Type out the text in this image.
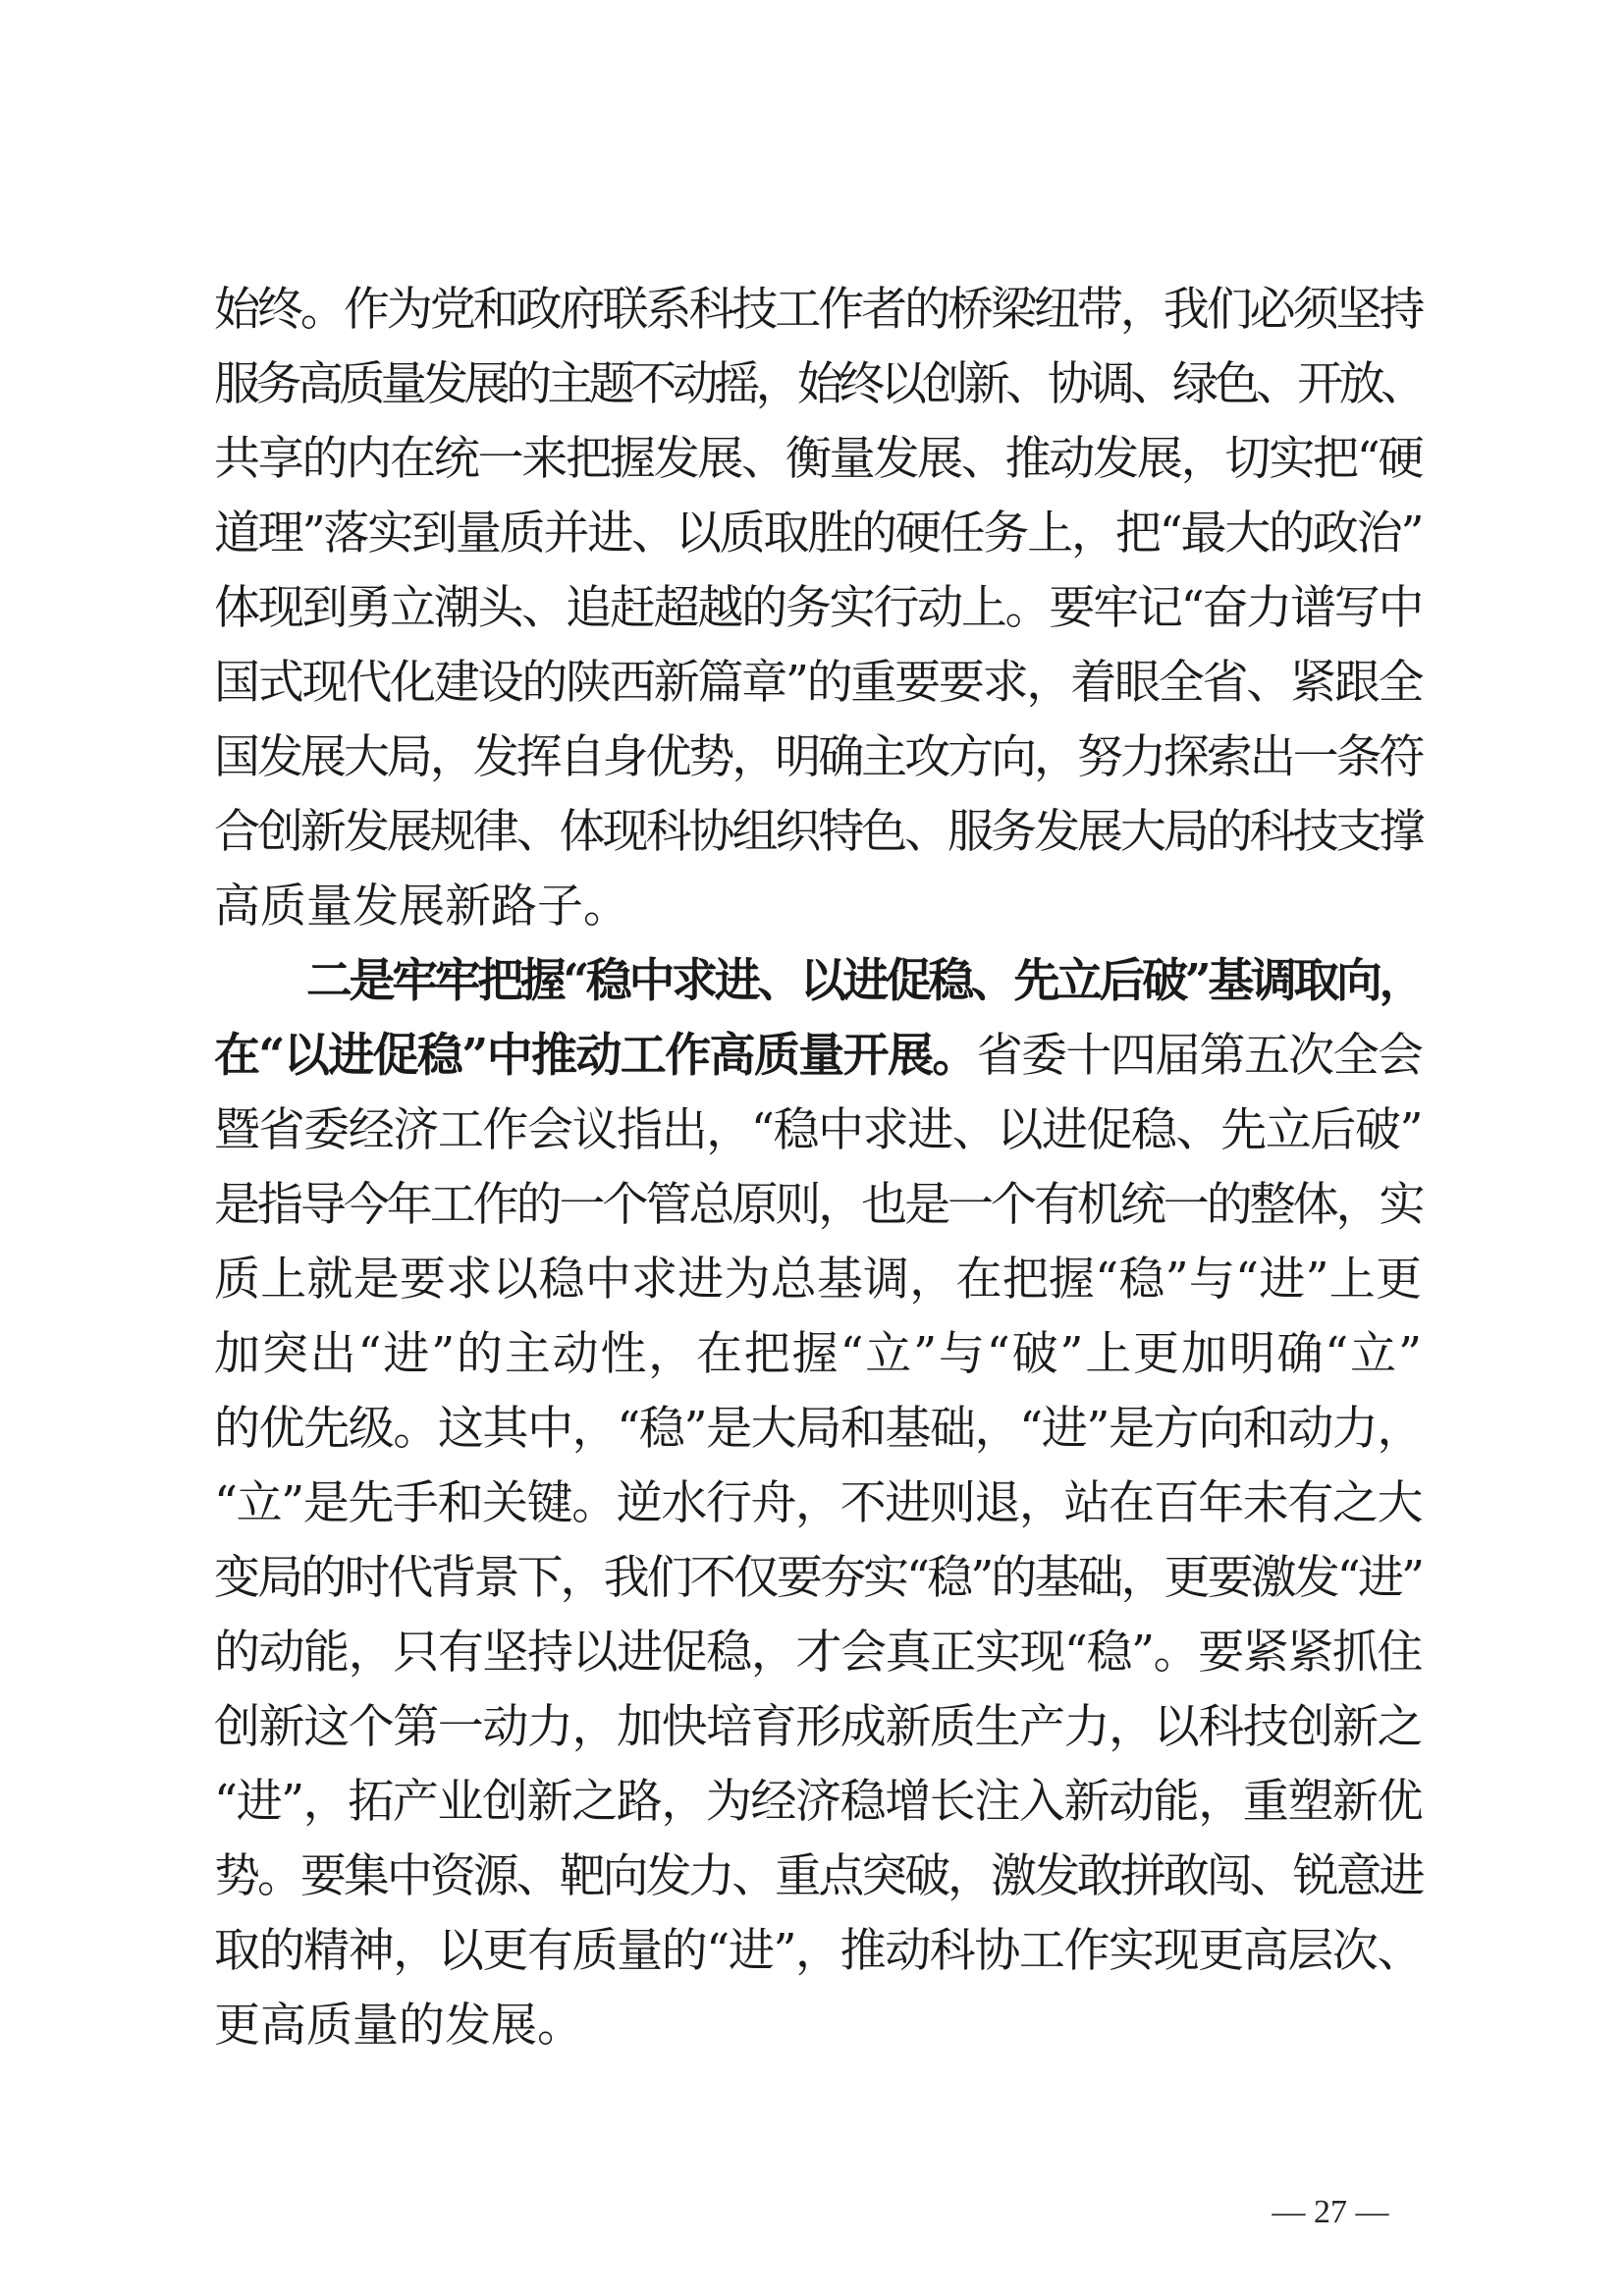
始终。作为党和政府联系科技工作者的桥梁纽带，我们必须坚持
服务高质量发展的主题不动摇，始终以创新、协调、绿色、开放、
共享的内在统一来把握发展、衡量发展、推动发展，切实把“硬
道理”落实到量质并进、以质取胜的硬任务上，把“最大的政治”
体现到勇立潮头、追赶超越的务实行动上。要牢记“奋力谱写中
国式现代化建设的陕西新篇章”的重要要求，着眼全省、紧跟全
国发展大局，发挥自身优势，明确主攻方向，努力探索出一条符
合创新发展规律、体现科协组织特色、服务发展大局的科技支撑
高质量发展新路子。
二是牢牢把握“稳中求进、以进促稳、先立后破”基调取向，
在“以进促稳”中推动工作高质量开展。省委十四届第五次全会
暨省委经济工作会议指出，“稳中求进、以进促稳、先立后破”
是指导今年工作的一个管总原则，也是一个有机统一的整体，实
质上就是要求以稳中求进为总基调，在把握“稳”与“进”上更
加突出“进”的主动性，在把握“立”与“破”上更加明确“立”
的优先级。这其中，“稳”是大局和基础，“进”是方向和动力，
“立”是先手和关键。逆水行舟，不进则退，站在百年未有之大
变局的时代背景下，我们不仅要夯实“稳”的基础，更要激发“进”
的动能，只有坚持以进促稳，才会真正实现“稳”。要紧紧抓住
创新这个第一动力，加快培育形成新质生产力，以科技创新之
“进”，拓产业创新之路，为经济稳增长注入新动能，重塑新优
势。要集中资源、靶向发力、重点突破，激发敢拼敢闯、锐意进
取的精神，以更有质量的“进”，推动科协工作实现更高层次、
更高质量的发展。
— 27 —
